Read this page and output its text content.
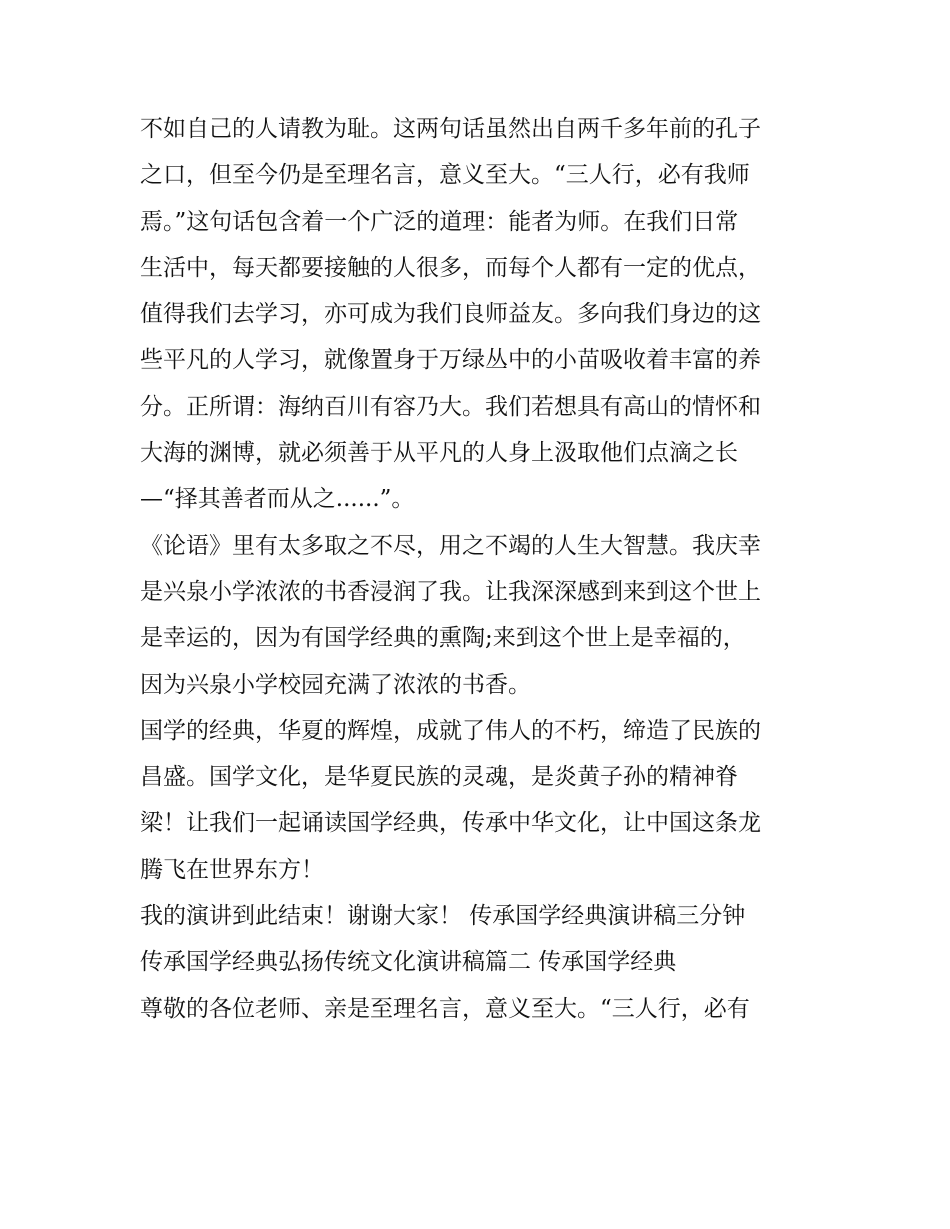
不如自己的人请教为耻。这两句话虽然出自两千多年前的孔子
之口，但至今仍是至理名言，意义至大。“三人行，必有我师
焉。”这句话包含着一个广泛的道理：能者为师。在我们日常
生活中，每天都要接触的人很多，而每个人都有一定的优点，
值得我们去学习，亦可成为我们良师益友。多向我们身边的这
些平凡的人学习，就像置身于万绿丛中的小苗吸收着丰富的养
分。正所谓：海纳百川有容乃大。我们若想具有高山的情怀和
大海的渊博，就必须善于从平凡的人身上汲取他们点滴之长
—“择其善者而从之......”。
《论语》里有太多取之不尽，用之不竭的人生大智慧。我庆幸
是兴泉小学浓浓的书香浸润了我。让我深深感到来到这个世上
是幸运的，因为有国学经典的熏陶;来到这个世上是幸福的，
因为兴泉小学校园充满了浓浓的书香。
国学的经典，华夏的辉煌，成就了伟人的不朽，缔造了民族的
昌盛。国学文化，是华夏民族的灵魂，是炎黄子孙的精神脊
梁！让我们一起诵读国学经典，传承中华文化，让中国这条龙
腾飞在世界东方！
我的演讲到此结束！谢谢大家！ 传承国学经典演讲稿三分钟
传承国学经典弘扬传统文化演讲稿篇二 传承国学经典
尊敬的各位老师、亲是至理名言，意义至大。“三人行，必有
